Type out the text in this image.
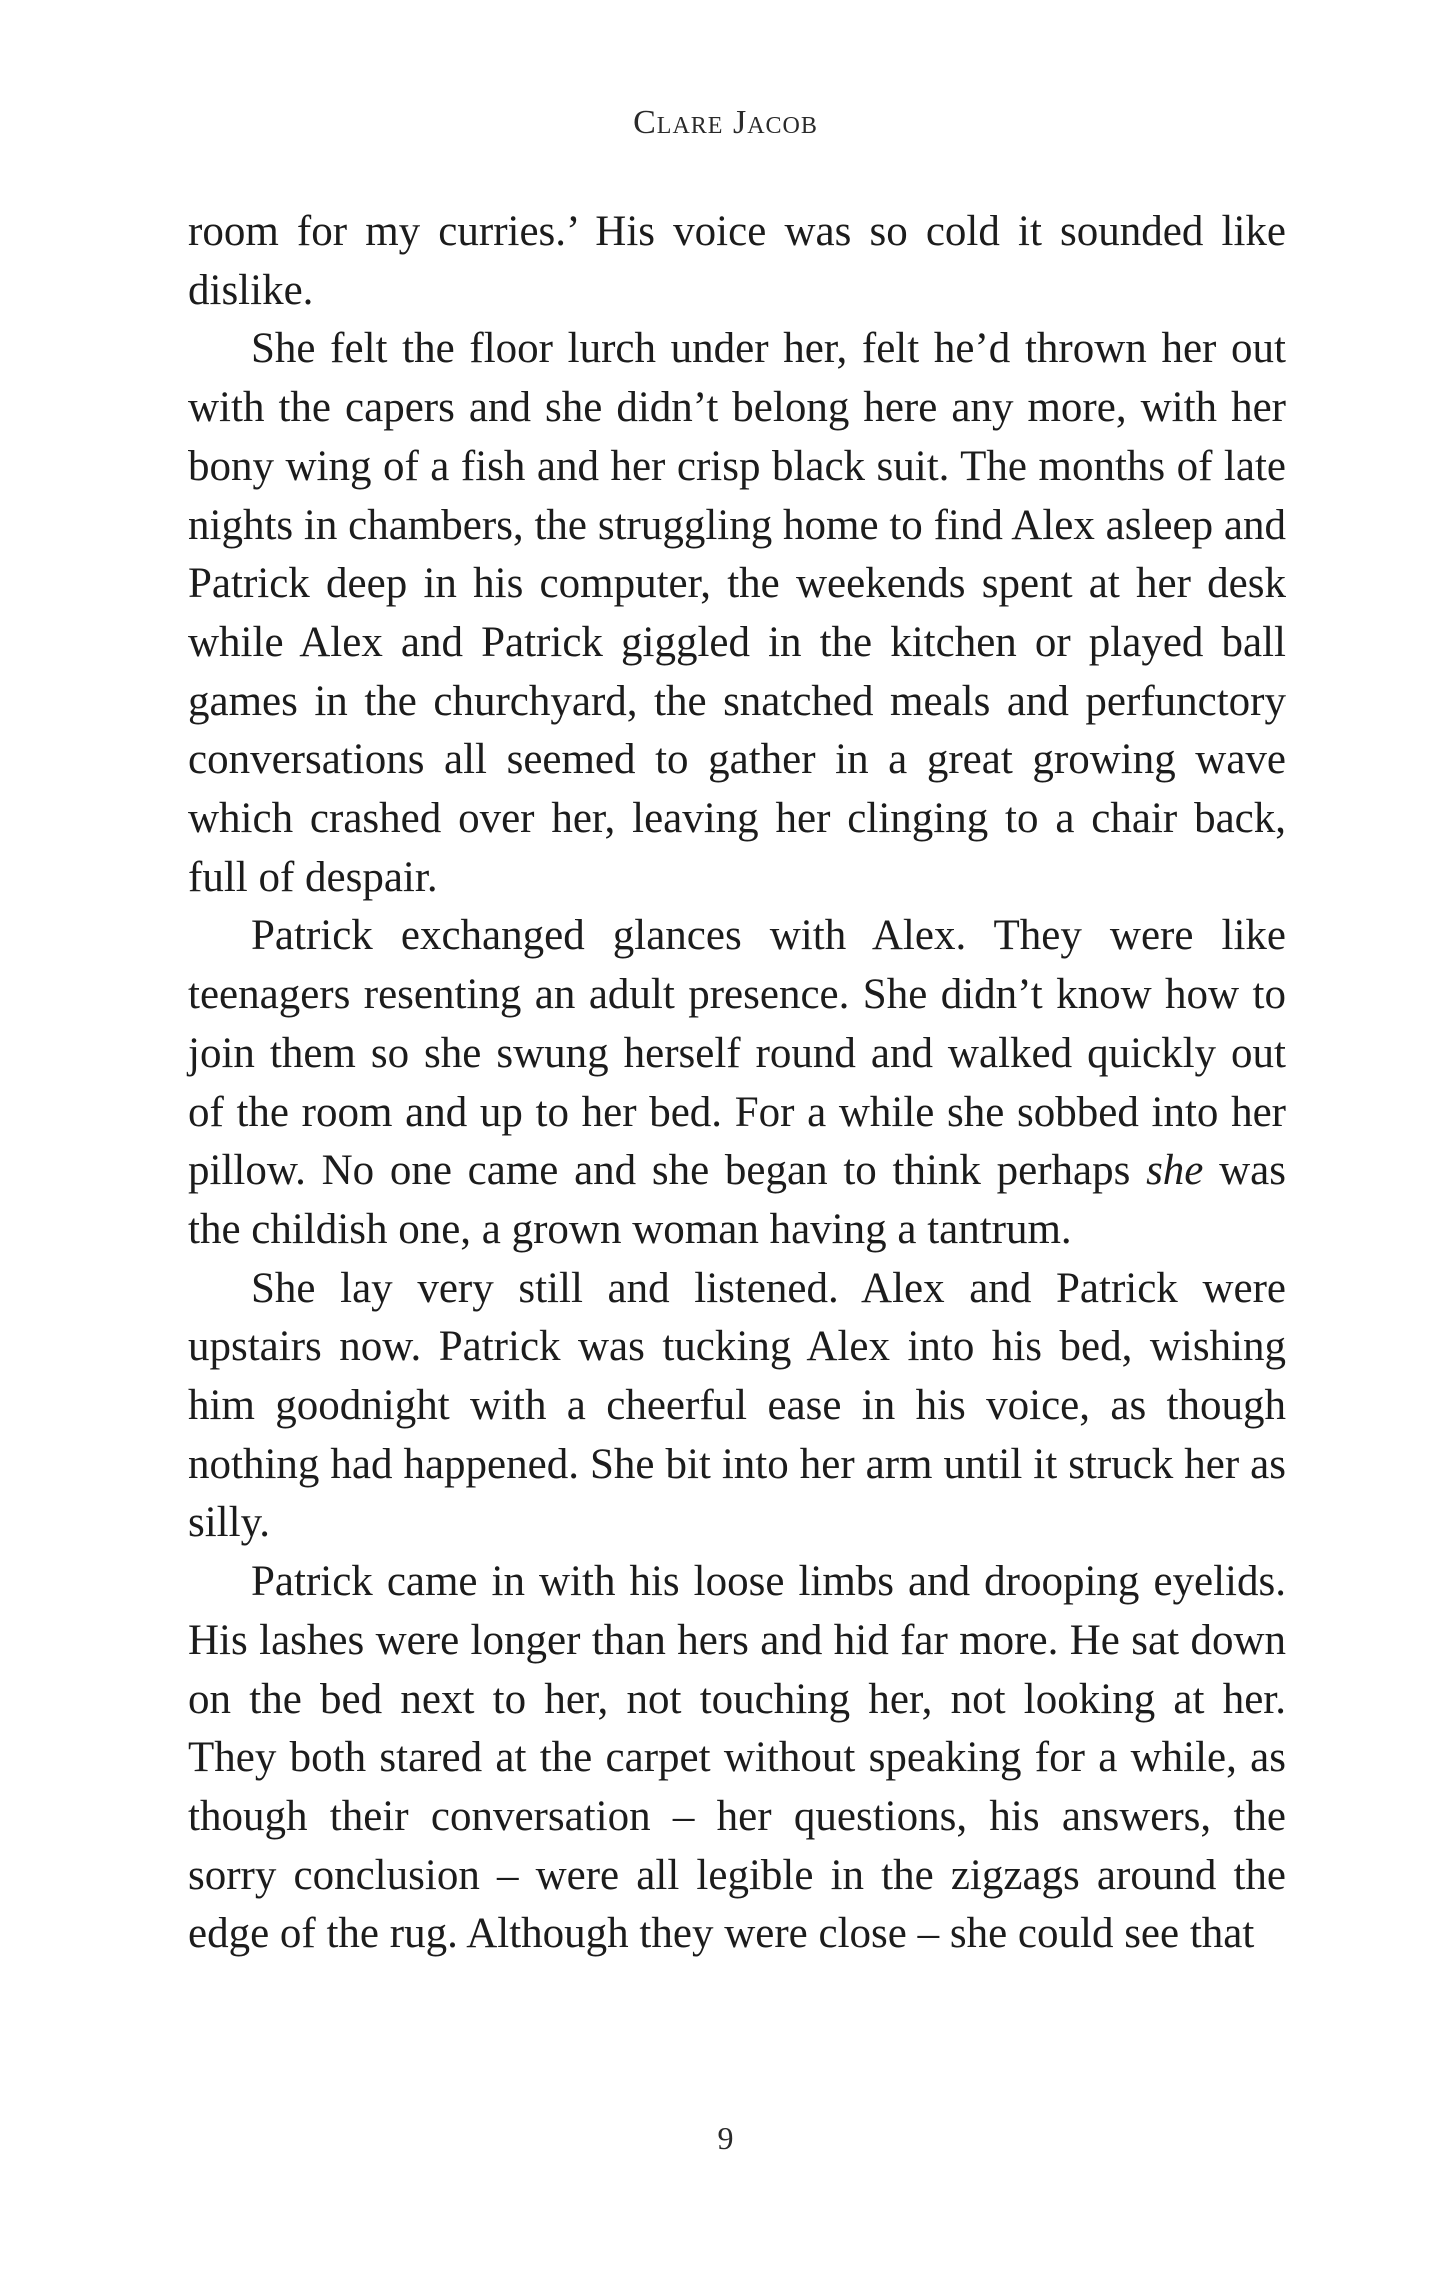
Clare Jacob

room for my curries.’ His voice was so cold it sounded like dislike.

She felt the floor lurch under her, felt he’d thrown her out with the capers and she didn’t belong here any more, with her bony wing of a fish and her crisp black suit. The months of late nights in chambers, the struggling home to find Alex asleep and Patrick deep in his computer, the weekends spent at her desk while Alex and Patrick giggled in the kitchen or played ball games in the churchyard, the snatched meals and perfunctory conversations all seemed to gather in a great growing wave which crashed over her, leaving her clinging to a chair back, full of despair.

Patrick exchanged glances with Alex. They were like teenagers resenting an adult presence. She didn’t know how to join them so she swung herself round and walked quickly out of the room and up to her bed. For a while she sobbed into her pillow. No one came and she began to think perhaps she was the childish one, a grown woman having a tantrum.

She lay very still and listened. Alex and Patrick were upstairs now. Patrick was tucking Alex into his bed, wishing him goodnight with a cheerful ease in his voice, as though nothing had happened. She bit into her arm until it struck her as silly.

Patrick came in with his loose limbs and drooping eyelids. His lashes were longer than hers and hid far more. He sat down on the bed next to her, not touching her, not looking at her. They both stared at the carpet without speaking for a while, as though their conversation – her questions, his answers, the sorry conclusion – were all legible in the zigzags around the edge of the rug. Although they were close – she could see that

9
